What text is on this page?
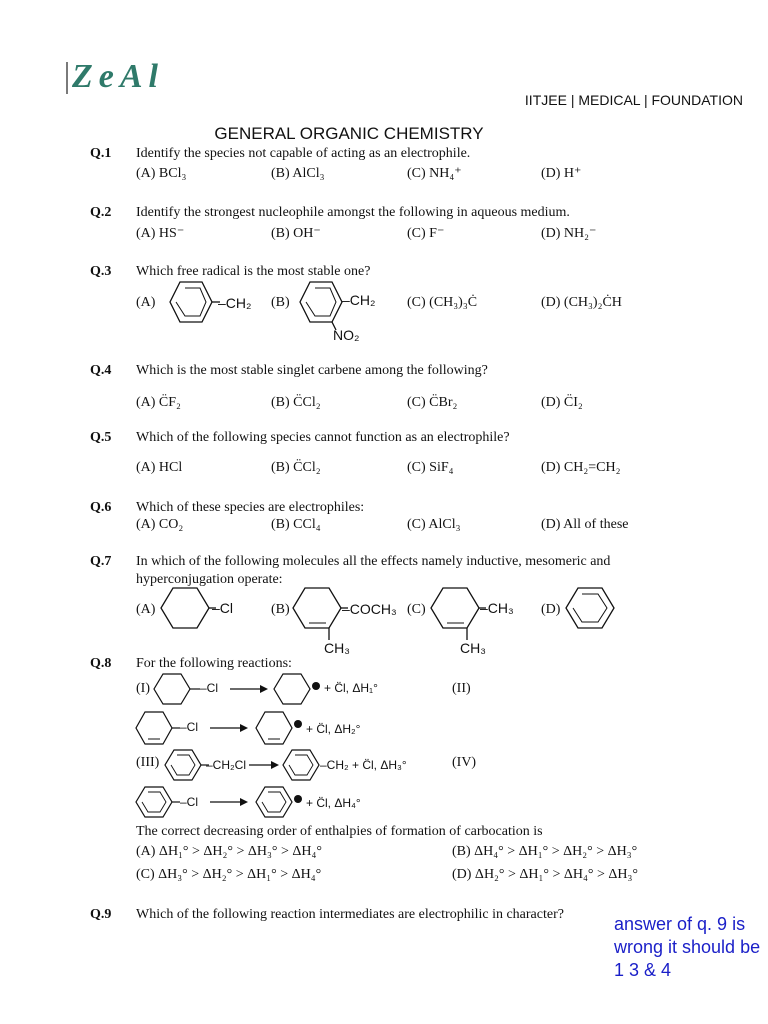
ZeAl
IITJEE | MEDICAL | FOUNDATION
GENERAL ORGANIC CHEMISTRY
Q.1 Identify the species not capable of acting as an electrophile.
(A) BCl₃	(B) AlCl₃	(C) NH₄⁺	(D) H⁺
Q.2 Identify the strongest nucleophile amongst the following in aqueous medium.
(A) HS⁻	(B) OH⁻	(C) F⁻	(D) NH₂⁻
Q.3 Which free radical is the most stable one?
(A)	–CH₂ (B)	–CH₂
NO₂
(C) (CH₃)₃Ċ	(D) (CH₃)₂ĊH
Q.4 Which is the most stable singlet carbene among the following?
(A) C̈F₂	(B) C̈Cl₂	(C) C̈Br₂	(D) C̈I₂
Q.5 Which of the following species cannot function as an electrophile?
(A) HCl	(B) C̈Cl₂	(C) SiF₄	(D) CH₂=CH₂
Q.6 Which of these species are electrophiles:
(A) CO₂	(B) CCl₄	(C) AlCl₃	(D) All of these
Q.7 In which of the following molecules all the effects namely inductive, mesomeric and
hyperconjugation operate:
(A)	–Cl	(B)	–COCH₃
CH₃
(C)	–CH₃
CH₃
(D)
Q.8 For the following reactions:
(I)	–Cl	+ C̈l, ΔH₁°	(II)
–Cl	+ C̈l, ΔH₂°
(III)	–CH₂Cl	–CH₂ + C̈l, ΔH₃°	(IV)
–Cl	+ C̈l, ΔH₄°
The correct decreasing order of enthalpies of formation of carbocation is
(A) ΔH₁° > ΔH₂° > ΔH₃° > ΔH₄°	(B) ΔH₄° > ΔH₁° > ΔH₂° > ΔH₃°
(C) ΔH₃° > ΔH₂° > ΔH₁° > ΔH₄°	(D) ΔH₂° > ΔH₁° > ΔH₄° > ΔH₃°
Q.9 Which of the following reaction intermediates are electrophilic in character?	answer of q. 9 is wrong it should be 1 3 & 4
